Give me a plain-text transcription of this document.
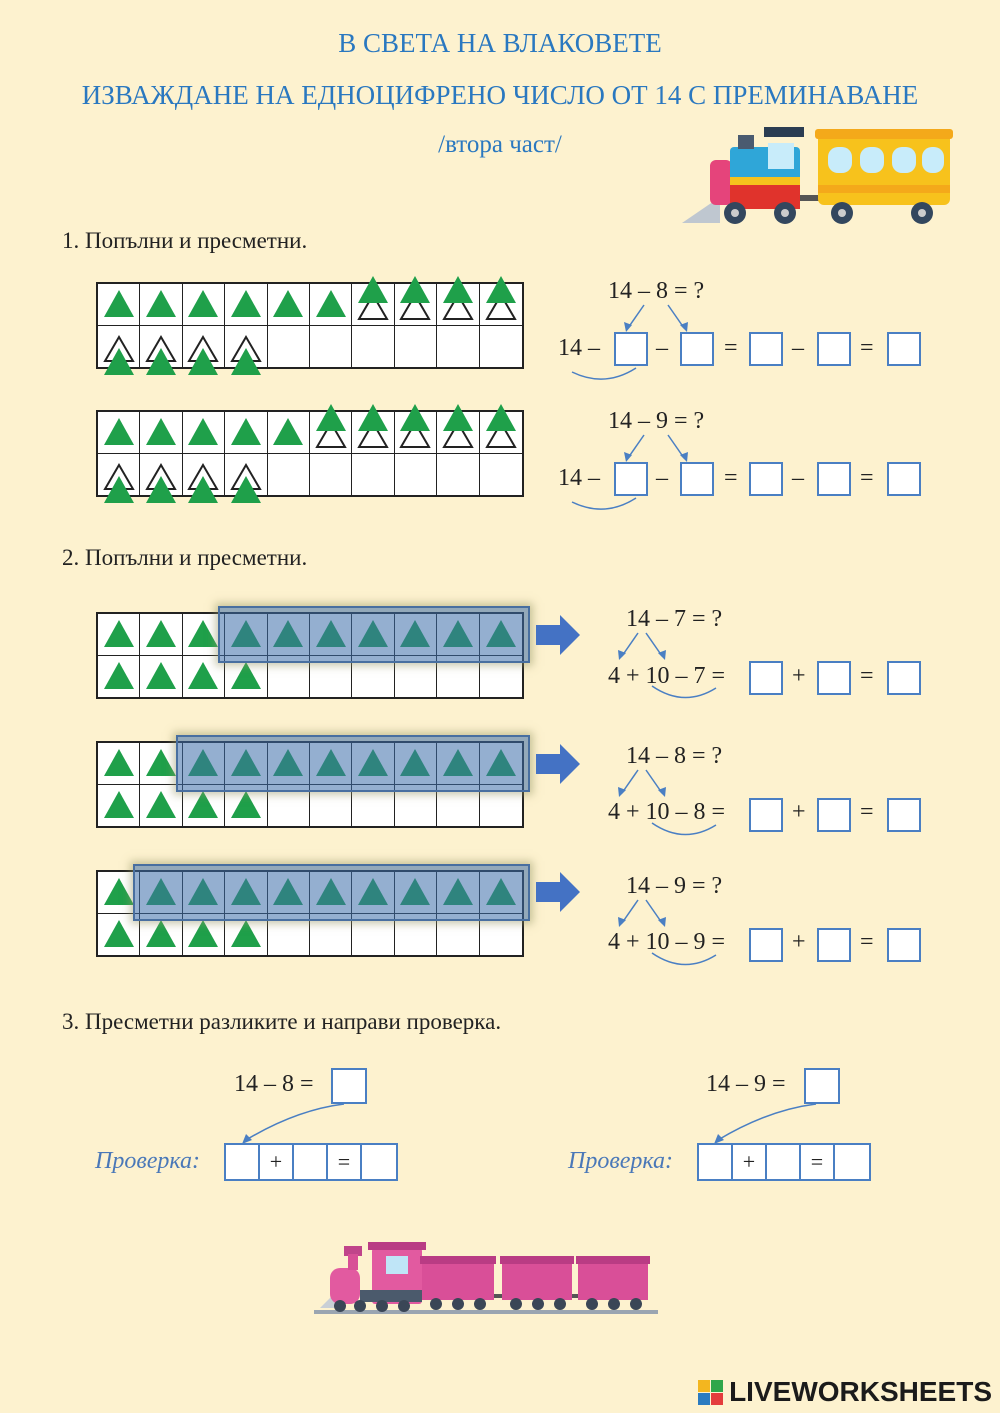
В СВЕТА НА ВЛАКОВЕТЕ
ИЗВАЖДАНЕ НА ЕДНОЦИФРЕНО ЧИСЛО ОТ 14 С ПРЕМИНАВАНЕ
/втора част/
1. Попълни и пресметни.
14 – 8 = ?
14 – – = – =
14 – 9 = ?
14 – – = – =
2. Попълни и пресметни.
14 – 7 = ?
4 + 10 – 7 =	+ =
14 – 8 = ?
4 + 10 – 8 =	+ =
14 – 9 = ?
4 + 10 – 9 =	+ =
3. Пресметни разликите и направи проверка.
14 – 8 =
Проверка:	+	=
14 – 9 =
Проверка:	+	=
LIVEWORKSHEETS
